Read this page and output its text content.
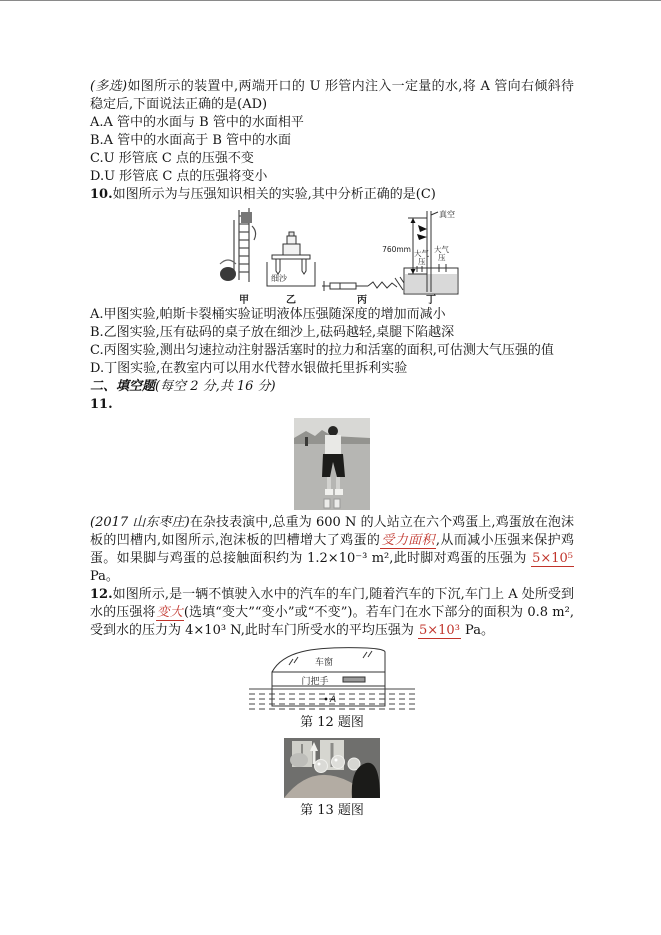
(多选)如图所示的装置中,两端开口的 U 形管内注入一定量的水,将 A 管向右倾斜待稳定后,下面说法正确的是(AD)

A.A 管中的水面与 B 管中的水面相平

B.A 管中的水面高于 B 管中的水面

C.U 形管底 C 点的压强不变

D.U 形管底 C 点的压强将变小

10.如图所示为与压强知识相关的实验,其中分析正确的是(C)

细沙
真空
760mm 大气
压
大气
压
甲	乙	丙	丁

A.甲图实验,帕斯卡裂桶实验证明液体压强随深度的增加而减小

B.乙图实验,压有砝码的桌子放在细沙上,砝码越轻,桌腿下陷越深

C.丙图实验,测出匀速拉动注射器活塞时的拉力和活塞的面积,可估测大气压强的值

D.丁图实验,在教室内可以用水代替水银做托里拆利实验

二、填空题(每空 2 分,共 16 分)

11.

(2017 山东枣庄)在杂技表演中,总重为 600 N 的人站立在六个鸡蛋上,鸡蛋放在泡沫板的凹槽内,如图所示,泡沫板的凹槽增大了鸡蛋的受力面积,从而减小压强来保护鸡蛋。如果脚与鸡蛋的总接触面积约为 1.2×10⁻³ m²,此时脚对鸡蛋的压强为 5×10⁵ Pa。

12.如图所示,是一辆不慎驶入水中的汽车的车门,随着汽车的下沉,车门上 A 处所受到水的压强将变大(选填“变大”“变小”或“不变”)。若车门在水下部分的面积为 0.8 m²,受到水的压力为 4×10³ N,此时车门所受水的平均压强为 5×10³ Pa。

车窗
门把手
A

第 12 题图

第 13 题图
